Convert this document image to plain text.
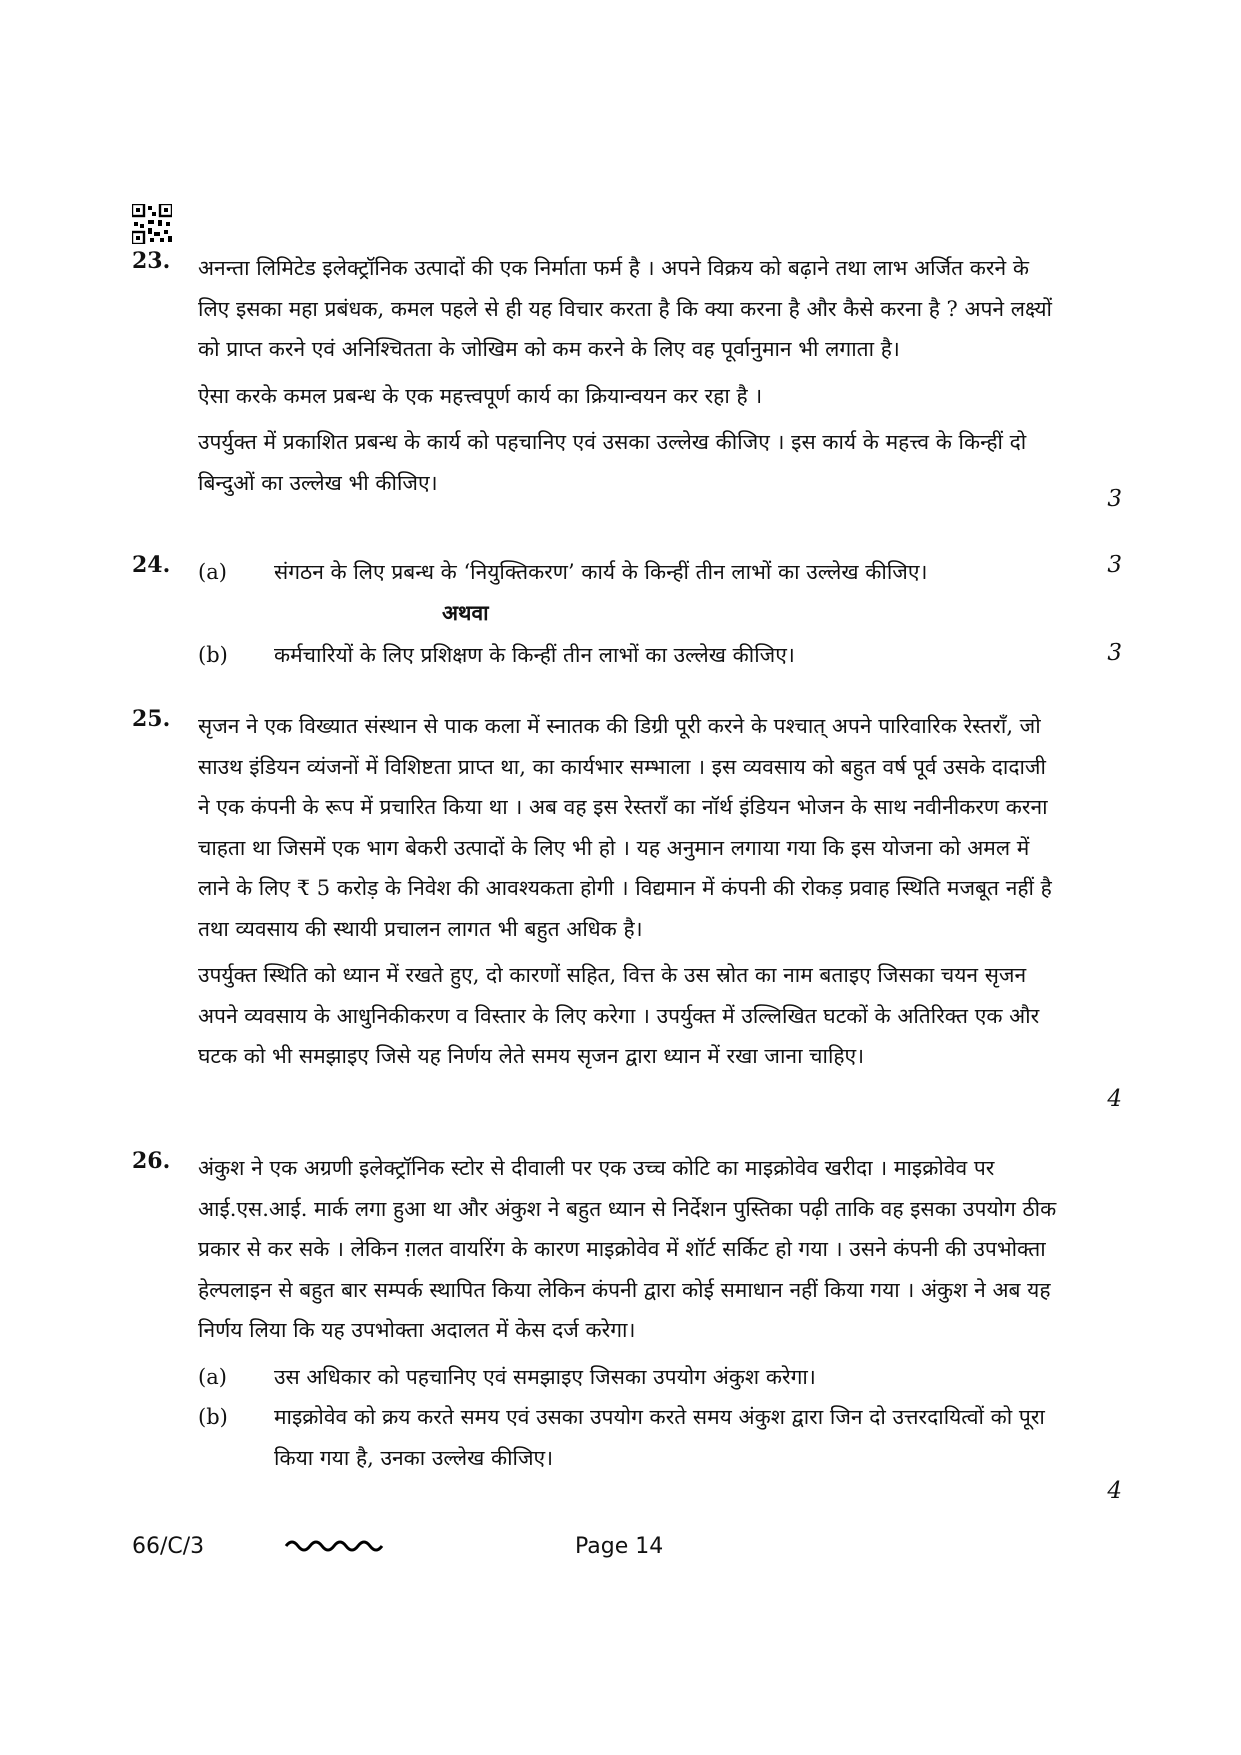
23. अनन्ता लिमिटेड इलेक्ट्रॉनिक उत्पादों की एक निर्माता फर्म है । अपने विक्रय को बढ़ाने तथा लाभ अर्जित करने के लिए इसका महा प्रबंधक, कमल पहले से ही यह विचार करता है कि क्या करना है और कैसे करना है ? अपने लक्ष्यों को प्राप्त करने एवं अनिश्चितता के जोखिम को कम करने के लिए वह पूर्वानुमान भी लगाता है।

ऐसा करके कमल प्रबन्ध के एक महत्त्वपूर्ण कार्य का क्रियान्वयन कर रहा है ।

उपर्युक्त में प्रकाशित प्रबन्ध के कार्य को पहचानिए एवं उसका उल्लेख कीजिए । इस कार्य के महत्त्व के किन्हीं दो बिन्दुओं का उल्लेख भी कीजिए।

3
24. (a) संगठन के लिए प्रबन्ध के ‘नियुक्तिकरण’ कार्य के किन्हीं तीन लाभों का उल्लेख कीजिए।	3
अथवा
(b) कर्मचारियों के लिए प्रशिक्षण के किन्हीं तीन लाभों का उल्लेख कीजिए।	3
25. सृजन ने एक विख्यात संस्थान से पाक कला में स्नातक की डिग्री पूरी करने के पश्चात् अपने पारिवारिक रेस्तराँ, जो साउथ इंडियन व्यंजनों में विशिष्टता प्राप्त था, का कार्यभार सम्भाला । इस व्यवसाय को बहुत वर्ष पूर्व उसके दादाजी ने एक कंपनी के रूप में प्रचारित किया था । अब वह इस रेस्तराँ का नॉर्थ इंडियन भोजन के साथ नवीनीकरण करना चाहता था जिसमें एक भाग बेकरी उत्पादों के लिए भी हो । यह अनुमान लगाया गया कि इस योजना को अमल में लाने के लिए ₹ 5 करोड़ के निवेश की आवश्यकता होगी । विद्यमान में कंपनी की रोकड़ प्रवाह स्थिति मजबूत नहीं है तथा व्यवसाय की स्थायी प्रचालन लागत भी बहुत अधिक है।

उपर्युक्त स्थिति को ध्यान में रखते हुए, दो कारणों सहित, वित्त के उस स्रोत का नाम बताइए जिसका चयन सृजन अपने व्यवसाय के आधुनिकीकरण व विस्तार के लिए करेगा । उपर्युक्त में उल्लिखित घटकों के अतिरिक्त एक और घटक को भी समझाइए जिसे यह निर्णय लेते समय सृजन द्वारा ध्यान में रखा जाना चाहिए।

4
26. अंकुश ने एक अग्रणी इलेक्ट्रॉनिक स्टोर से दीवाली पर एक उच्च कोटि का माइक्रोवेव खरीदा । माइक्रोवेव पर आई.एस.आई. मार्क लगा हुआ था और अंकुश ने बहुत ध्यान से निर्देशन पुस्तिका पढ़ी ताकि वह इसका उपयोग ठीक प्रकार से कर सके । लेकिन ग़लत वायरिंग के कारण माइक्रोवेव में शॉर्ट सर्किट हो गया । उसने कंपनी की उपभोक्ता हेल्पलाइन से बहुत बार सम्पर्क स्थापित किया लेकिन कंपनी द्वारा कोई समाधान नहीं किया गया । अंकुश ने अब यह निर्णय लिया कि यह उपभोक्ता अदालत में केस दर्ज करेगा।

(a) उस अधिकार को पहचानिए एवं समझाइए जिसका उपयोग अंकुश करेगा।
(b) माइक्रोवेव को क्रय करते समय एवं उसका उपयोग करते समय अंकुश द्वारा जिन दो उत्तरदायित्वों को पूरा किया गया है, उनका उल्लेख कीजिए।
4
66/C/3	Page 14
